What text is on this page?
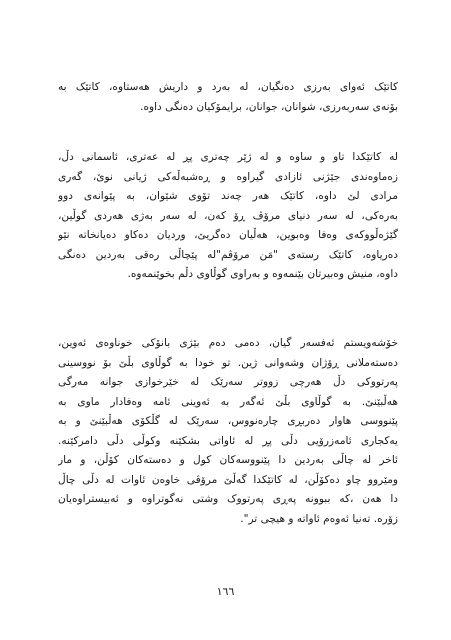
کاتێک ئەوای بەرزی دەنگیان، لە بەرد و داریش هەستاوە، کاتێک بە
بۆنەی سەربەرزی، شوانان، جوانان، برایمۆکیان دەنگی داوە.
لە کاتێکدا تاو و ساوە و لە ژێر چەتری پڕ لە عەتری، ئاسمانی دڵ،
زەماوەندی جێژنی ئازادی گیراوە و ڕەشبەڵەکی ژیانی نوێ، گەری
مرادی لێ داوە، کاتێک هەر چەند تۆوی شێوان، بە پێوانەی دوو
بەرەکی، لە سەر دنیای مرۆڤ ڕۆ کەن، لە سەر بەژی هەردی گوڵین،
گێژەڵووکەی وەفا وەبوین، هەڵیان دەگریێ، وردیان دەکاو دەیانخاتە نێو
دەریاوە، کاتێک رستەی "مَن مرۆڤم"لە پێچاڵی رەقی بەردین دەنگی
داوە، منیش وەبیرتان بێنمەوە و بەراوی گوڵاوی دڵم بخوێنمەوە.
خۆشەویستم ئەفسەر گیان، دەمی دەم بێژی بانۆکی خوناوەی ئەوین،
دەستەملانی ڕۆژان وشەوانی ژین. تو خودا بە گوڵاوی بڵێ بۆ نووسینی
پەرتووکی دڵ هەرچی زووتر سەرێک لە خێرخوازی جوانە مەرگی
هەڵبێنێ. بە گوڵاوی بڵێ ئەگەر بە ئەوینی ئامە وەفادار ماوی بە
پێنووسی هاوار دەربڕی چارەنووس، سەرێک لە گڵکۆی هەڵبێنێ و بە
یەکجاری ئامەزرۆیی دڵی پڕ لە ئاواتی بشکێنە وکوڵی دڵی دامرکێنە.
ئاخر لە چاڵی بەردین دا پێنووسەکان کول و دەستەکان کۆڵن، و مار
ومێروو چاو دەکۆڵن، لە کاتێکدا گەڵێ مرۆڤی خاوەن ئاوات لە دڵی چاڵ
دا هەن ،کە ببوونە پەڕی پەرتووک وشتی نەگوتراوە و ئەبیستراوەیان
زۆرە. تەنیا ئەوەم ئاواتە و هیچی تر".
١٦٦
